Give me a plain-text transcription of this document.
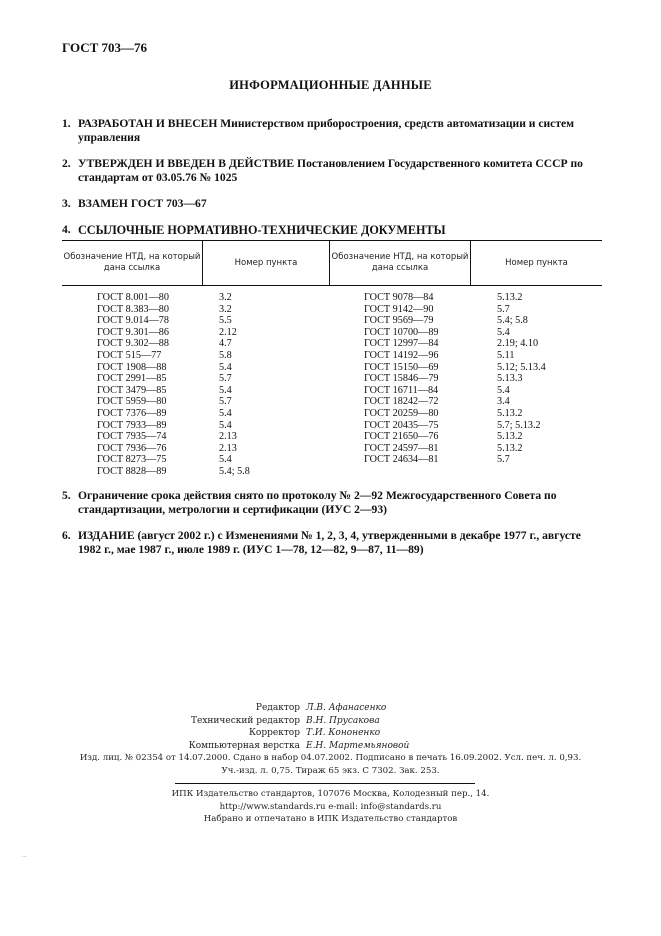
ГОСТ 703—76
ИНФОРМАЦИОННЫЕ ДАННЫЕ
1. РАЗРАБОТАН И ВНЕСЕН Министерством приборостроения, средств автоматизации и систем управления
2. УТВЕРЖДЕН И ВВЕДЕН В ДЕЙСТВИЕ Постановлением Государственного комитета СССР по стандартам от 03.05.76 № 1025
3. ВЗАМЕН ГОСТ 703—67
4. ССЫЛОЧНЫЕ НОРМАТИВНО-ТЕХНИЧЕСКИЕ ДОКУМЕНТЫ
Обозначение НТД, на который дана ссылка
Номер пункта
Обозначение НТД, на который дана ссылка
Номер пункта
ГОСТ 8.001—80
ГОСТ 8.383—80
ГОСТ 9.014—78
ГОСТ 9.301—86
ГОСТ 9.302—88
ГОСТ 515—77
ГОСТ 1908—88
ГОСТ 2991—85
ГОСТ 3479—85
ГОСТ 5959—80
ГОСТ 7376—89
ГОСТ 7933—89
ГОСТ 7935—74
ГОСТ 7936—76
ГОСТ 8273—75
ГОСТ 8828—89
3.2
3.2
5.5
2.12
4.7
5.8
5.4
5.7
5.4
5.7
5.4
5.4
2.13
2.13
5.4
5.4; 5.8
ГОСТ 9078—84
ГОСТ 9142—90
ГОСТ 9569—79
ГОСТ 10700—89
ГОСТ 12997—84
ГОСТ 14192—96
ГОСТ 15150—69
ГОСТ 15846—79
ГОСТ 16711—84
ГОСТ 18242—72
ГОСТ 20259—80
ГОСТ 20435—75
ГОСТ 21650—76
ГОСТ 24597—81
ГОСТ 24634—81
5.13.2
5.7
5.4; 5.8
5.4
2.19; 4.10
5.11
5.12; 5.13.4
5.13.3
5.4
3.4
5.13.2
5.7; 5.13.2
5.13.2
5.13.2
5.7
5. Ограничение срока действия снято по протоколу № 2—92 Межгосударственного Совета по стандартизации, метрологии и сертификации (ИУС 2—93)
6. ИЗДАНИЕ (август 2002 г.) с Изменениями № 1, 2, 3, 4, утвержденными в декабре 1977 г., августе 1982 г., мае 1987 г., июле 1989 г. (ИУС 1—78, 12—82, 9—87, 11—89)
Редактор Л.В. Афанасенко
Технический редактор В.Н. Прусакова
Корректор Т.И. Кононенко
Компьютерная верстка Е.Н. Мартемьяновой
Изд. лиц. № 02354 от 14.07.2000. Сдано в набор 04.07.2002. Подписано в печать 16.09.2002. Усл. печ. л. 0,93.
Уч.-изд. л. 0,75. Тираж 65 экз. С 7302. Зак. 253.
ИПК Издательство стандартов, 107076 Москва, Колодезный пер., 14.
http://www.standards.ru e-mail: info@standards.ru
Набрано и отпечатано в ИПК Издательство стандартов
...
